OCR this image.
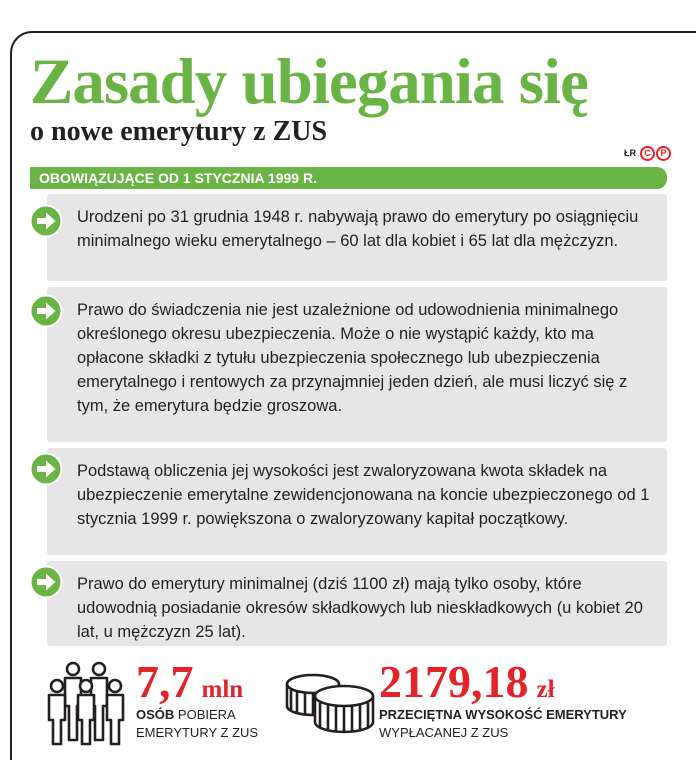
Zasady ubiegania się
o nowe emerytury z ZUS
ŁR C	P
OBOWIĄZUJĄCE OD 1 STYCZNIA 1999 R.
Urodzeni po 31 grudnia 1948 r. nabywają prawo do emerytury po osiągnięciu minimalnego wieku emerytalnego – 60 lat dla kobiet i 65 lat dla mężczyzn.
Prawo do świadczenia nie jest uzależnione od udowodnienia minimalnego określonego okresu ubezpieczenia. Może o nie wystąpić każdy, kto ma opłacone składki z tytułu ubezpieczenia społecznego lub ubezpieczenia emerytalnego i rentowych za przynajmniej jeden dzień, ale musi liczyć się z tym, że emerytura będzie groszowa.
Podstawą obliczenia jej wysokości jest zwaloryzowana kwota składek na ubezpieczenie emerytalne zewidencjonowana na koncie ubezpieczonego od 1 stycznia 1999 r. powiększona o zwaloryzowany kapitał początkowy.
Prawo do emerytury minimalnej (dziś 1100 zł) mają tylko osoby, które udowodnią posiadanie okresów składkowych lub nieskładkowych (u kobiet 20 lat, u mężczyzn 25 lat).
7,7 mln
OSÓB POBIERA
EMERYTURY Z ZUS
2179,18 zł
PRZECIĘTNA WYSOKOŚĆ EMERYTURY
WYPŁACANEJ Z ZUS
